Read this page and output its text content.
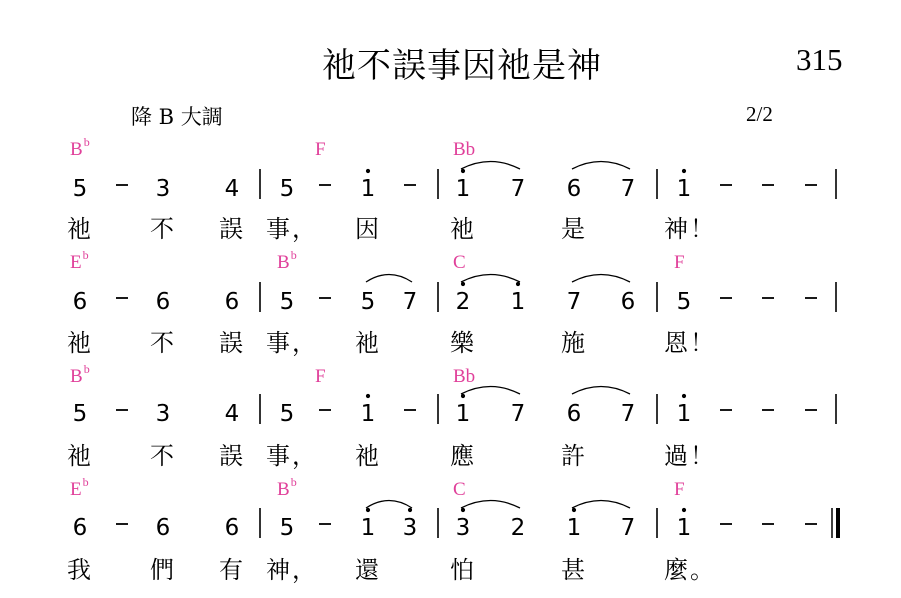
祂不誤事因祂是神	315
降 B 大調	2/2
$B^b$	F	Bb
5	3 4 5	1	1 7 6 7 1
祂 不 誤 事， 因	祂	是	神！
$E^b$	$B^b$	C	F
6	6 6 5	5 7 2 1 7 6 5
祂 不 誤 事， 祂	樂	施	恩！
$B^b$	F	Bb
5	3 4 5	1	1 7 6 7 1
祂 不 誤 事， 祂	應	許	過！
$E^b$	$B^b$	C	F
6	6 6 5	1 3 3 2 1 7 1
我 們 有 神， 還	怕	甚	麼。
